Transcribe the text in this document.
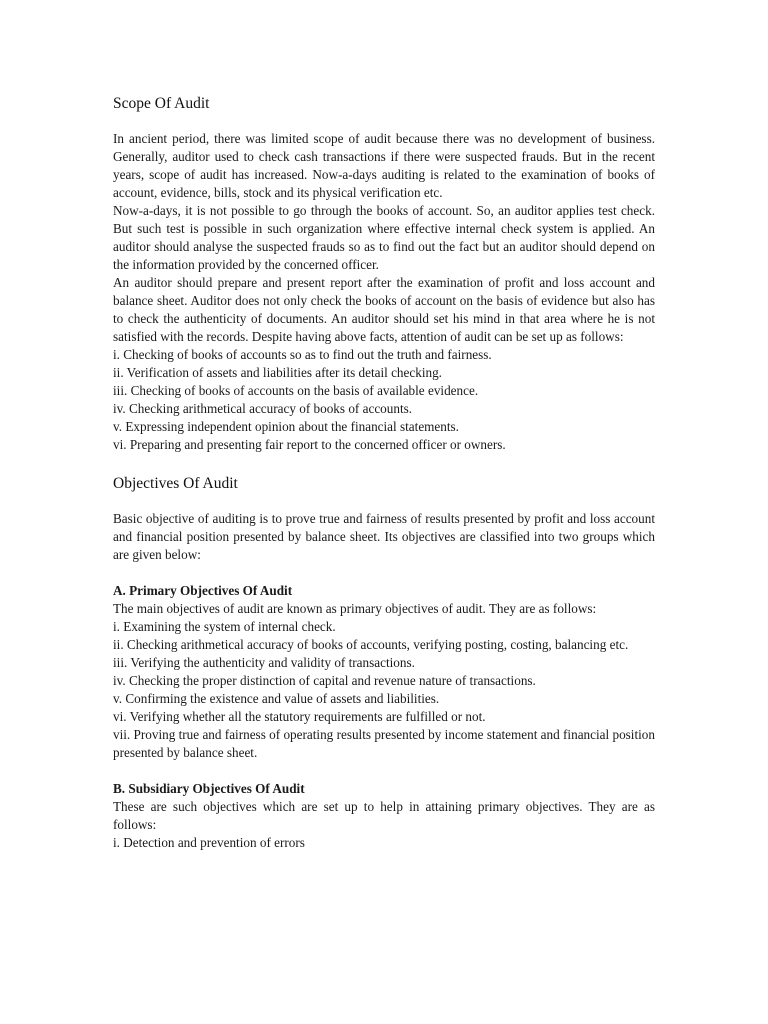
Scope Of Audit

In ancient period, there was limited scope of audit because there was no development of business. Generally, auditor used to check cash transactions if there were suspected frauds. But in the recent years, scope of audit has increased. Now-a-days auditing is related to the examination of books of account, evidence, bills, stock and its physical verification etc.

Now-a-days, it is not possible to go through the books of account. So, an auditor applies test check. But such test is possible in such organization where effective internal check system is applied. An auditor should analyse the suspected frauds so as to find out the fact but an auditor should depend on the information provided by the concerned officer.

An auditor should prepare and present report after the examination of profit and loss account and balance sheet. Auditor does not only check the books of account on the basis of evidence but also has to check the authenticity of documents. An auditor should set his mind in that area where he is not satisfied with the records. Despite having above facts, attention of audit can be set up as follows:

i. Checking of books of accounts so as to find out the truth and fairness.

ii. Verification of assets and liabilities after its detail checking.

iii. Checking of books of accounts on the basis of available evidence.

iv. Checking arithmetical accuracy of books of accounts.

v. Expressing independent opinion about the financial statements.

vi. Preparing and presenting fair report to the concerned officer or owners.

Objectives Of Audit

Basic objective of auditing is to prove true and fairness of results presented by profit and loss account and financial position presented by balance sheet. Its objectives are classified into two groups which are given below:

A. Primary Objectives Of Audit

The main objectives of audit are known as primary objectives of audit. They are as follows:

i. Examining the system of internal check.

ii. Checking arithmetical accuracy of books of accounts, verifying posting, costing, balancing etc.

iii. Verifying the authenticity and validity of transactions.

iv. Checking the proper distinction of capital and revenue nature of transactions.

v. Confirming the existence and value of assets and liabilities.

vi. Verifying whether all the statutory requirements are fulfilled or not.

vii. Proving true and fairness of operating results presented by income statement and financial position presented by balance sheet.

B. Subsidiary Objectives Of Audit

These are such objectives which are set up to help in attaining primary objectives. They are as follows:

i. Detection and prevention of errors
